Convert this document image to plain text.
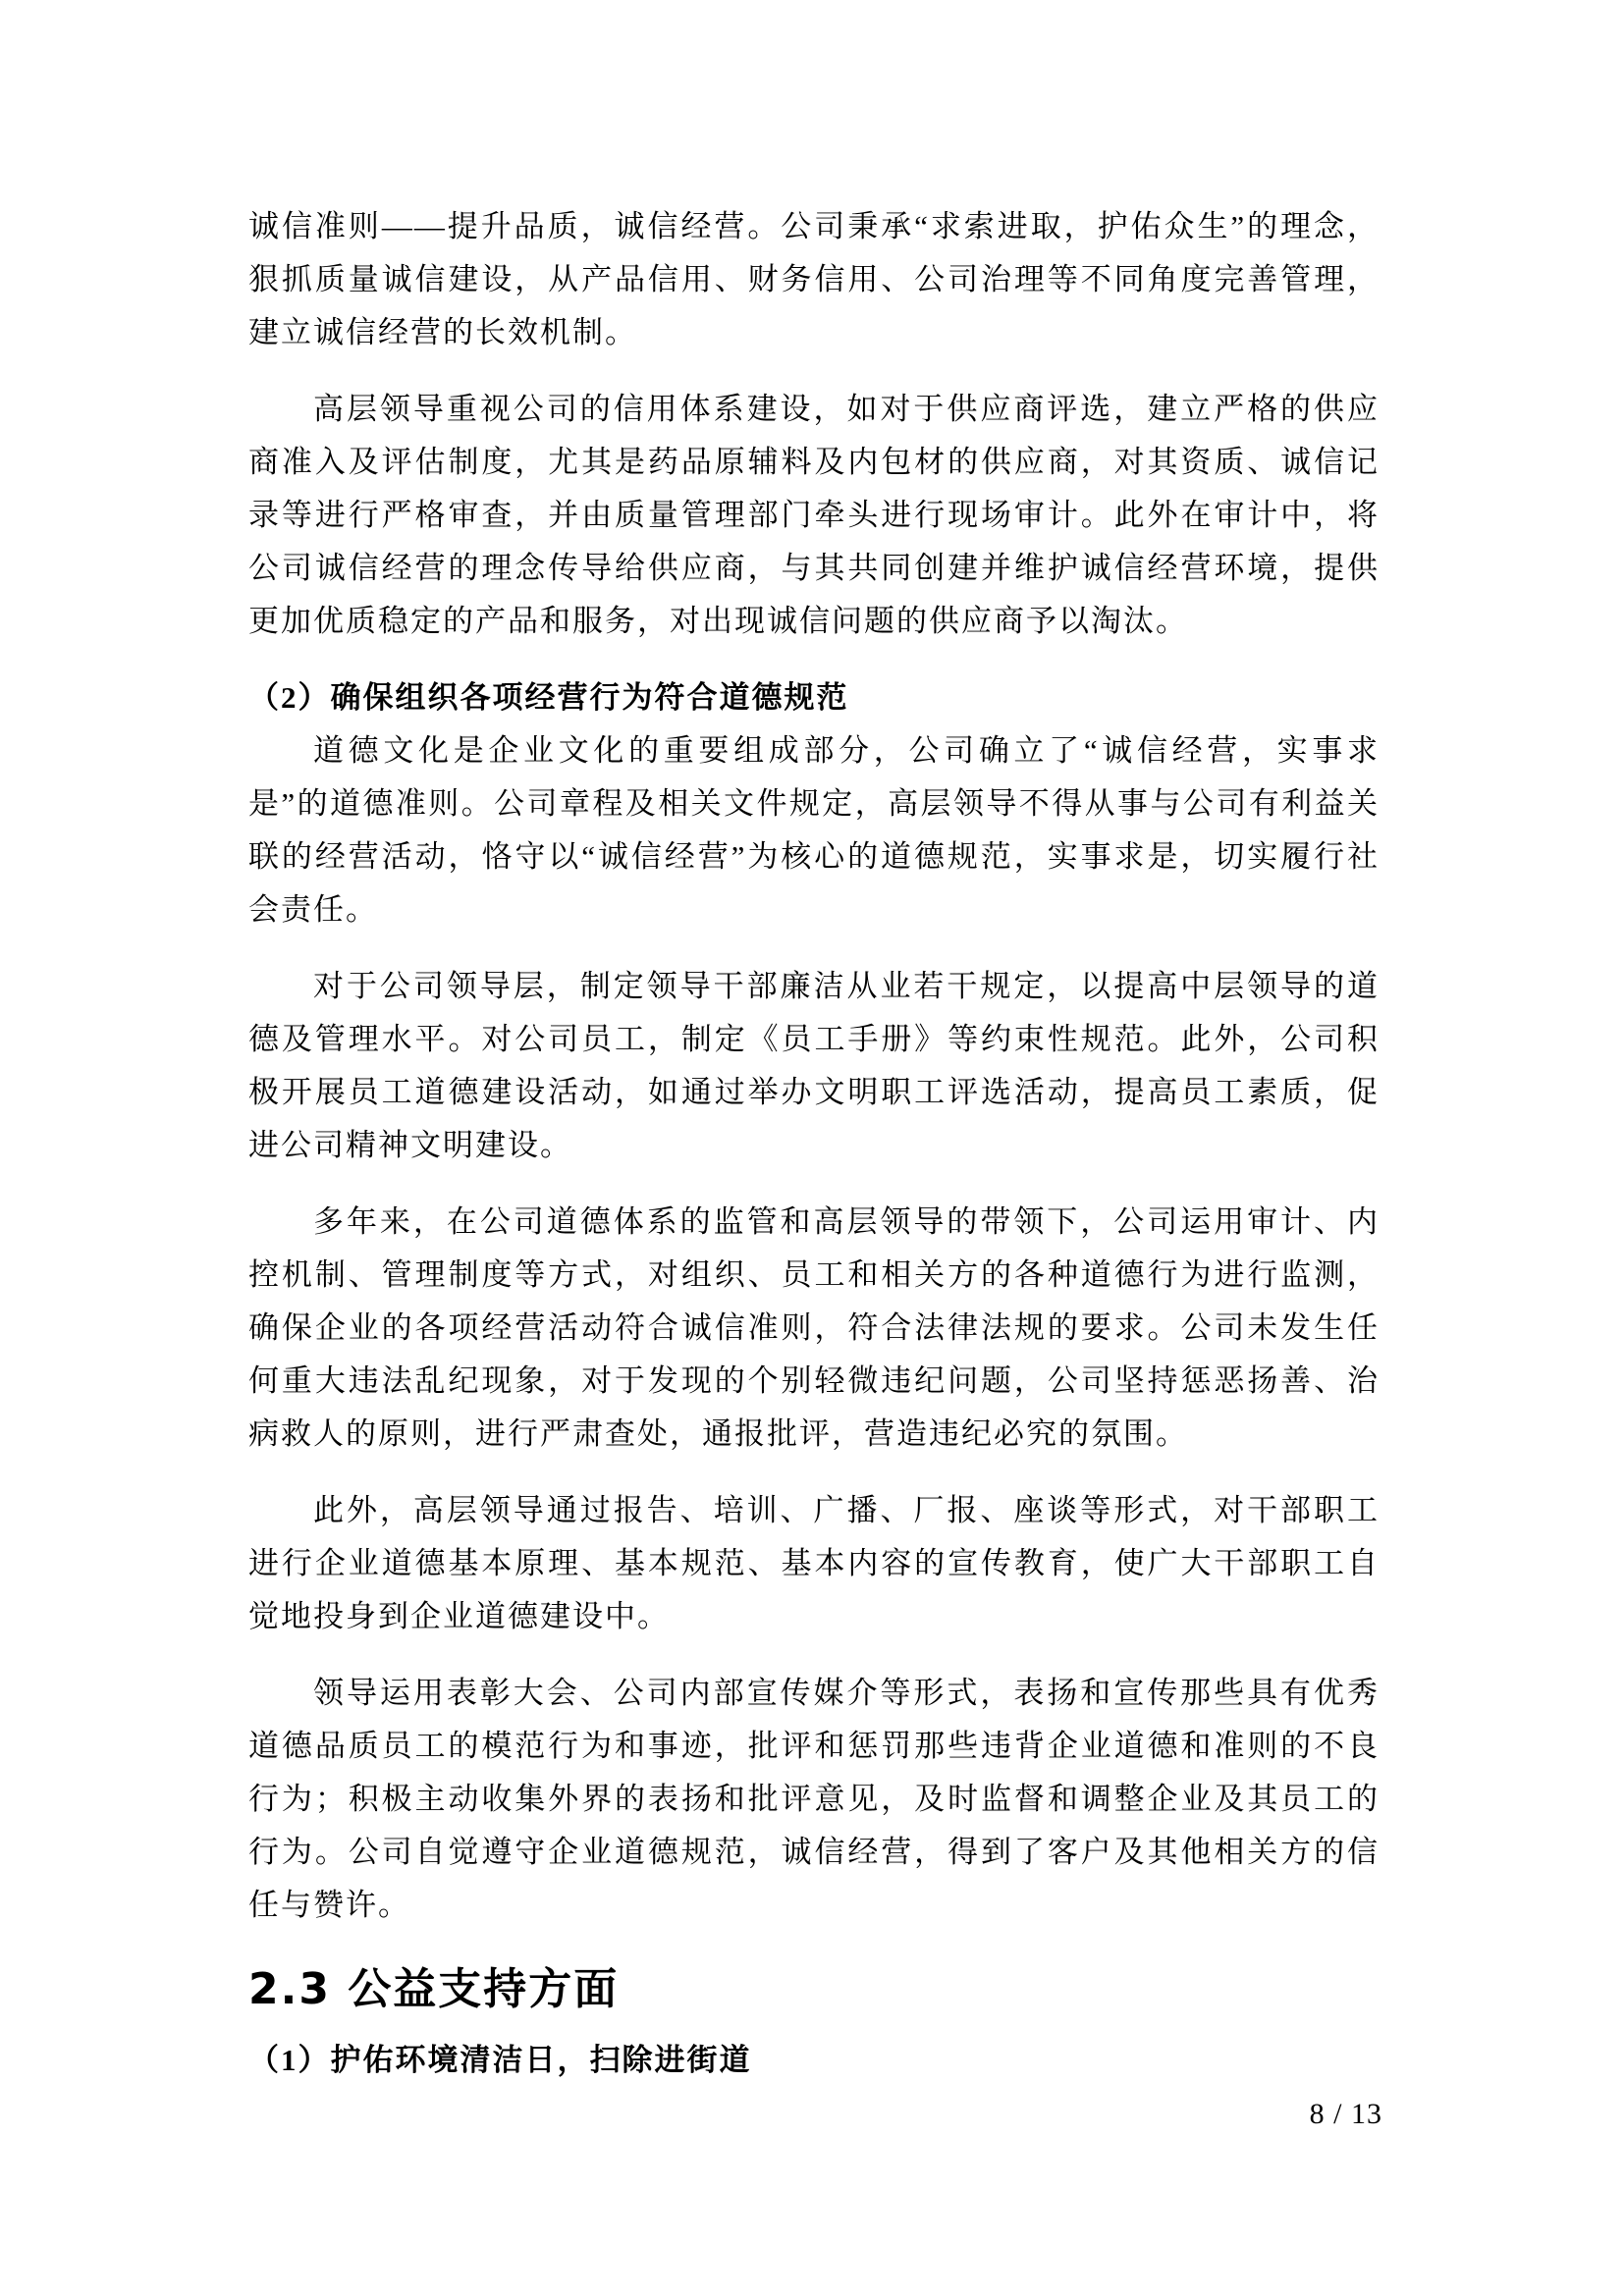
诚信准则——提升品质，诚信经营。公司秉承“求索进取，护佑众生”的理念，狠抓质量诚信建设，从产品信用、财务信用、公司治理等不同角度完善管理，建立诚信经营的长效机制。

高层领导重视公司的信用体系建设，如对于供应商评选，建立严格的供应商准入及评估制度，尤其是药品原辅料及内包材的供应商，对其资质、诚信记录等进行严格审查，并由质量管理部门牵头进行现场审计。此外在审计中，将公司诚信经营的理念传导给供应商，与其共同创建并维护诚信经营环境，提供更加优质稳定的产品和服务，对出现诚信问题的供应商予以淘汰。

（2）确保组织各项经营行为符合道德规范

道德文化是企业文化的重要组成部分，公司确立了“诚信经营，实事求是”的道德准则。公司章程及相关文件规定，高层领导不得从事与公司有利益关联的经营活动，恪守以“诚信经营”为核心的道德规范，实事求是，切实履行社会责任。

对于公司领导层，制定领导干部廉洁从业若干规定，以提高中层领导的道德及管理水平。对公司员工，制定《员工手册》等约束性规范。此外，公司积极开展员工道德建设活动，如通过举办文明职工评选活动，提高员工素质，促进公司精神文明建设。

多年来，在公司道德体系的监管和高层领导的带领下，公司运用审计、内控机制、管理制度等方式，对组织、员工和相关方的各种道德行为进行监测，确保企业的各项经营活动符合诚信准则，符合法律法规的要求。公司未发生任何重大违法乱纪现象，对于发现的个别轻微违纪问题，公司坚持惩恶扬善、治病救人的原则，进行严肃查处，通报批评，营造违纪必究的氛围。

此外，高层领导通过报告、培训、广播、厂报、座谈等形式，对干部职工进行企业道德基本原理、基本规范、基本内容的宣传教育，使广大干部职工自觉地投身到企业道德建设中。

领导运用表彰大会、公司内部宣传媒介等形式，表扬和宣传那些具有优秀道德品质员工的模范行为和事迹，批评和惩罚那些违背企业道德和准则的不良行为；积极主动收集外界的表扬和批评意见，及时监督和调整企业及其员工的行为。公司自觉遵守企业道德规范，诚信经营，得到了客户及其他相关方的信任与赞许。

2.3 公益支持方面
（1）护佑环境清洁日，扫除进街道
8 / 13
